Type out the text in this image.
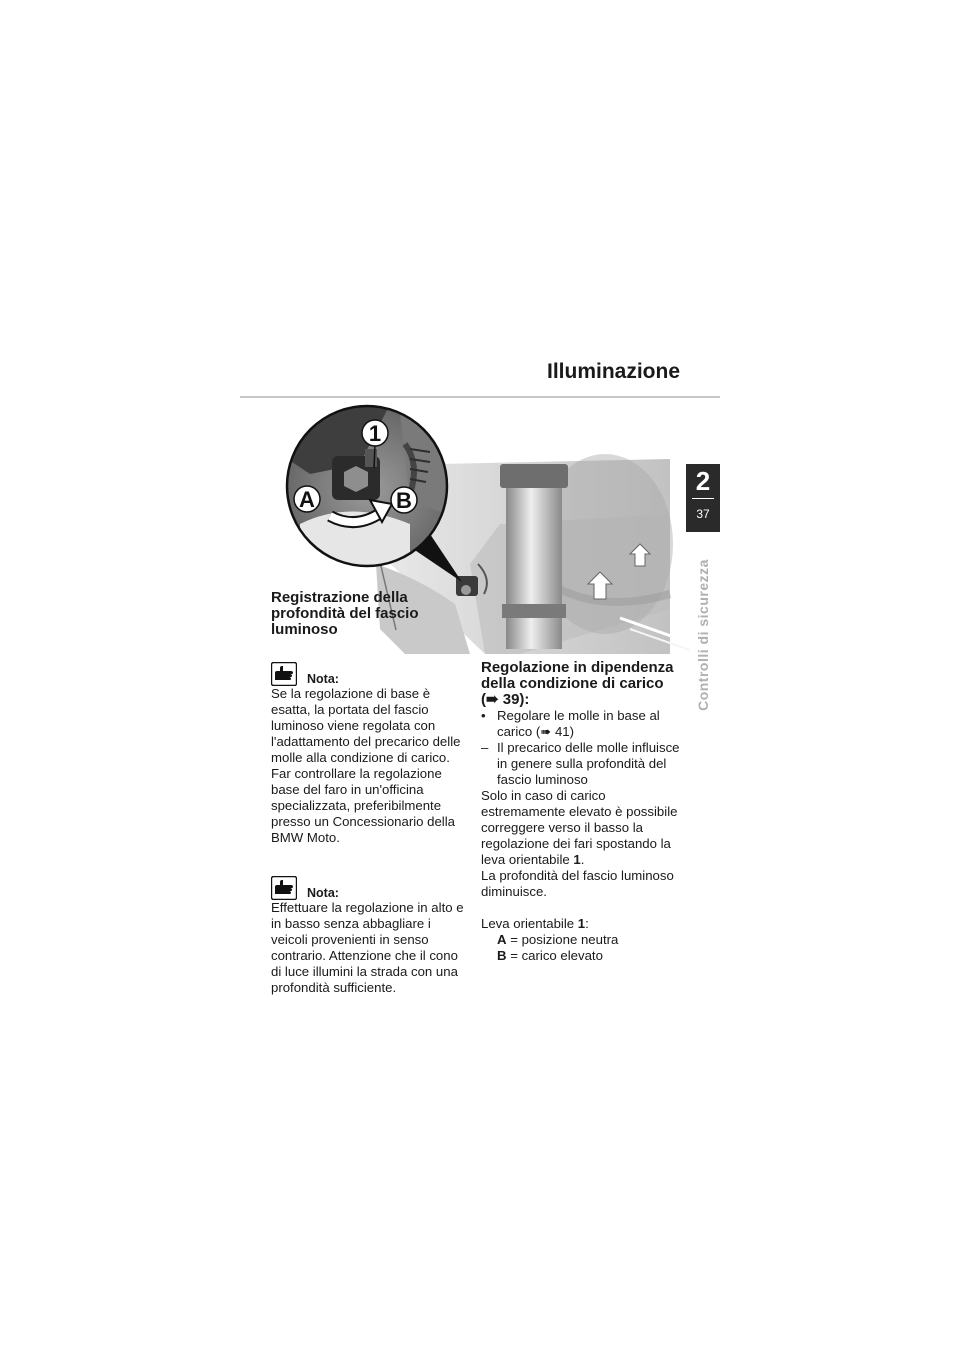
Illuminazione
2
37
Controlli di sicurezza
1
A	B
Registrazione della profondità del fascio luminoso
Nota:

Se la regolazione di base è esatta, la portata del fascio luminoso viene regolata con l'adattamento del precarico delle molle alla condizione di carico.

Far controllare la regolazione base del faro in un'officina specializzata, preferibilmente presso un Concessionario della BMW Moto.

Nota:

Effettuare la regolazione in alto e in basso senza abbagliare i veicoli provenienti in senso contrario. Attenzione che il cono di luce illumini la strada con una profondità sufficiente.

Regolazione in dipendenza della condizione di carico
(➠ 39):
• Regolare le molle in base al carico (➠ 41)
– Il precarico delle molle influisce in genere sulla profondità del fascio luminoso

Solo in caso di carico estremamente elevato è possibile correggere verso il basso la regolazione dei fari spostando la leva orientabile 1.

La profondità del fascio luminoso diminuisce.

Leva orientabile 1:

A = posizione neutra
B = carico elevato
